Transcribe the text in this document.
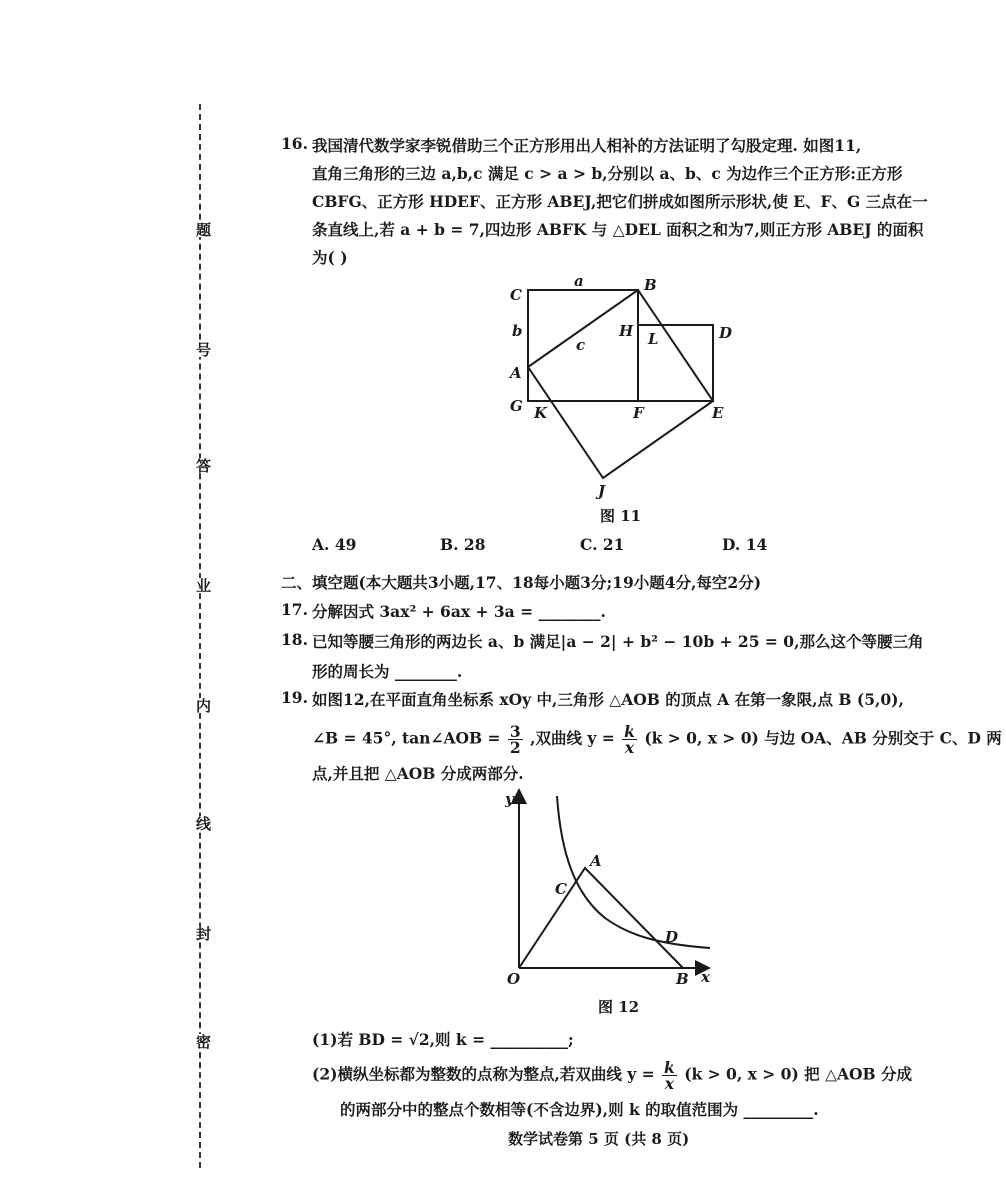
题
号
答
业
内
线
封
密
16. 我国清代数学家李锐借助三个正方形用出人相补的方法证明了勾股定理. 如图11,
直角三角形的三边 a,b,c 满足 c > a > b,分别以 a、b、c 为边作三个正方形:正方形
CBFG、正方形 HDEF、正方形 ABEJ,把它们拼成如图所示形状,使 E、F、G 三点在一
条直线上,若 a + b = 7,四边形 ABFK 与 △DEL 面积之和为7,则正方形 ABEJ 的面积
为( )
C
a	B
b	H L	D
c
A
G K	F	E
J
图 11
A. 49	B. 28	C. 21	D. 14
二、填空题(本大题共3小题,17、18每小题3分;19小题4分,每空2分)
17. 分解因式 3ax² + 6ax + 3a = ________.
18. 已知等腰三角形的两边长 a、b 满足|a − 2| + b² − 10b + 25 = 0,那么这个等腰三角
形的周长为 ________.
19. 如图12,在平面直角坐标系 xOy 中,三角形 △AOB 的顶点 A 在第一象限,点 B (5,0),
∠B = 45°, tan∠AOB = $\frac{3}{2}$ ,双曲线 $y = \frac{k}{x} (k > 0$, x > 0) 与边 OA、AB 分别交于 C、D 两
点,并且把 △AOB 分成两部分.
y
x
O
A
B
C
D
图 12
(1)若 BD = √2,则 k = __________;
(2)横纵坐标都为整数的点称为整点,若双曲线 $y = \frac{k}{x} (k > 0$, x > 0) 把 △AOB 分成
的两部分中的整点个数相等(不含边界),则 k 的取值范围为 _________.
数学试卷第 5 页 (共 8 页)
